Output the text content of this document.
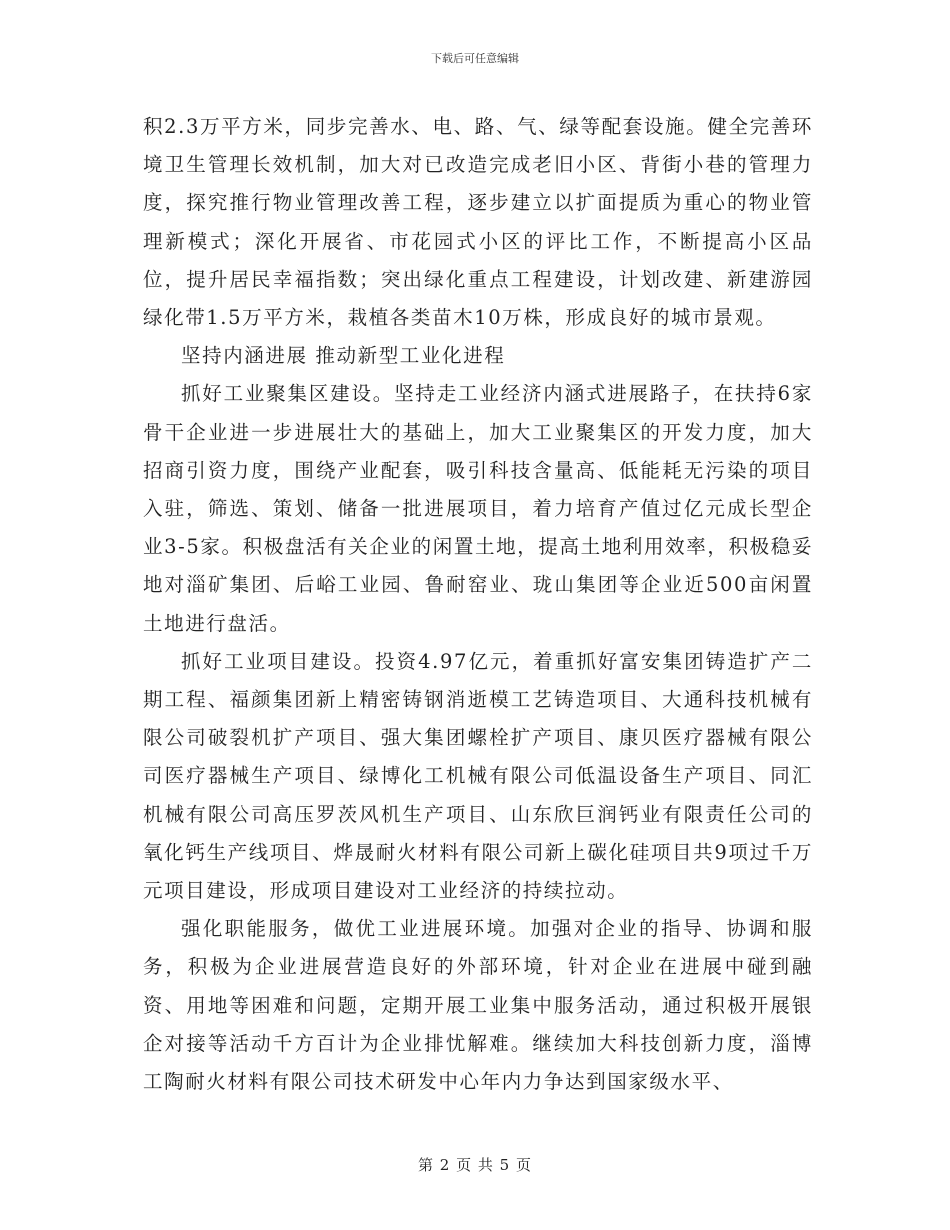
下载后可任意编辑

积2.3万平方米，同步完善水、电、路、气、绿等配套设施。健全完善环境卫生管理长效机制，加大对已改造完成老旧小区、背街小巷的管理力度，探究推行物业管理改善工程，逐步建立以扩面提质为重心的物业管理新模式；深化开展省、市花园式小区的评比工作，不断提高小区品位，提升居民幸福指数；突出绿化重点工程建设，计划改建、新建游园绿化带1.5万平方米，栽植各类苗木10万株，形成良好的城市景观。

坚持内涵进展 推动新型工业化进程

抓好工业聚集区建设。坚持走工业经济内涵式进展路子，在扶持6家骨干企业进一步进展壮大的基础上，加大工业聚集区的开发力度，加大招商引资力度，围绕产业配套，吸引科技含量高、低能耗无污染的项目入驻，筛选、策划、储备一批进展项目，着力培育产值过亿元成长型企业3-5家。积极盘活有关企业的闲置土地，提高土地利用效率，积极稳妥地对淄矿集团、后峪工业园、鲁耐窑业、珑山集团等企业近500亩闲置土地进行盘活。

抓好工业项目建设。投资4.97亿元，着重抓好富安集团铸造扩产二期工程、福颜集团新上精密铸钢消逝模工艺铸造项目、大通科技机械有限公司破裂机扩产项目、强大集团螺栓扩产项目、康贝医疗器械有限公司医疗器械生产项目、绿博化工机械有限公司低温设备生产项目、同汇机械有限公司高压罗茨风机生产项目、山东欣巨润钙业有限责任公司的氧化钙生产线项目、烨晟耐火材料有限公司新上碳化硅项目共9项过千万元项目建设，形成项目建设对工业经济的持续拉动。

强化职能服务，做优工业进展环境。加强对企业的指导、协调和服务，积极为企业进展营造良好的外部环境，针对企业在进展中碰到融资、用地等困难和问题，定期开展工业集中服务活动，通过积极开展银企对接等活动千方百计为企业排忧解难。继续加大科技创新力度，淄博工陶耐火材料有限公司技术研发中心年内力争达到国家级水平、

第 2 页 共 5 页
